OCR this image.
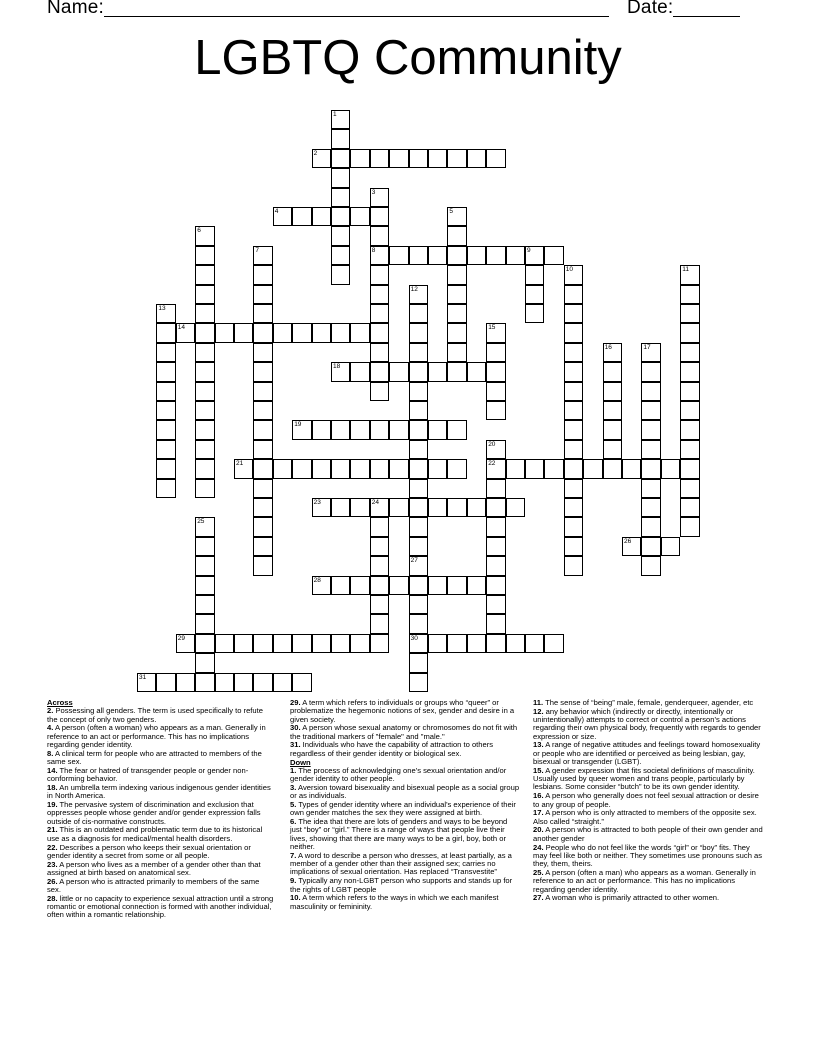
Name:	Date:
LGBTQ Community
1
2
3
8
4	5
6
7	9
10	11
12
27
13
14	15
16	17
18
19
20
22
21
23	24
25
26
30
28
29
31
Across
2. Possessing all genders. The term is used specifically to refute the concept of only two genders.
4. A person (often a woman) who appears as a man. Generally in reference to an act or performance. This has no implications regarding gender identity.
8. A clinical term for people who are attracted to members of the same sex.
14. The fear or hatred of transgender people or gender non-conforming behavior.
18. An umbrella term indexing various indigenous gender identities in North America.
19. The pervasive system of discrimination and exclusion that oppresses people whose gender and/or gender expression falls outside of cis-normative constructs.
21. This is an outdated and problematic term due to its historical use as a diagnosis for medical/mental health disorders.
22. Describes a person who keeps their sexual orientation or gender identity a secret from some or all people.
23. A person who lives as a member of a gender other than that assigned at birth based on anatomical sex.
26. A person who is attracted primarily to members of the same sex.
28. little or no capacity to experience sexual attraction until a strong romantic or emotional connection is formed with another individual, often within a romantic relationship.
29. A term which refers to individuals or groups who “queer” or problematize the hegemonic notions of sex, gender and desire in a given society.
30. A person whose sexual anatomy or chromosomes do not fit with the traditional markers of "female" and "male."
31. Individuals who have the capability of attraction to others regardless of their gender identity or biological sex.
Down
1. The process of acknowledging one’s sexual orientation and/or gender identity to other people.
3. Aversion toward bisexuality and bisexual people as a social group or as individuals.
5. Types of gender identity where an individual's experience of their own gender matches the sex they were assigned at birth.
6. The idea that there are lots of genders and ways to be beyond just “boy” or “girl.” There is a range of ways that people live their lives, showing that there are many ways to be a girl, boy, both or neither.
7. A word to describe a person who dresses, at least partially, as a member of a gender other than their assigned sex; carries no implications of sexual orientation. Has replaced “Transvestite”
9. Typically any non-LGBT person who supports and stands up for the rights of LGBT people
10. A term which refers to the ways in which we each manifest masculinity or femininity.
11. The sense of “being” male, female, genderqueer, agender, etc
12. any behavior which (indirectly or directly, intentionally or unintentionally) attempts to correct or control a person's actions regarding their own physical body, frequently with regards to gender expression or size.
13. A range of negative attitudes and feelings toward homosexuality or people who are identified or perceived as being lesbian, gay, bisexual or transgender (LGBT).
15. A gender expression that fits societal definitions of masculinity. Usually used by queer women and trans people, particularly by lesbians. Some consider “butch” to be its own gender identity.
16. A person who generally does not feel sexual attraction or desire to any group of people.
17. A person who is only attracted to members of the opposite sex. Also called “straight.”
20. A person who is attracted to both people of their own gender and another gender
24. People who do not feel like the words “girl” or “boy” fits. They may feel like both or neither. They sometimes use pronouns such as they, them, theirs.
25. A person (often a man) who appears as a woman. Generally in reference to an act or performance. This has no implications regarding gender identity.
27. A woman who is primarily attracted to other women.
